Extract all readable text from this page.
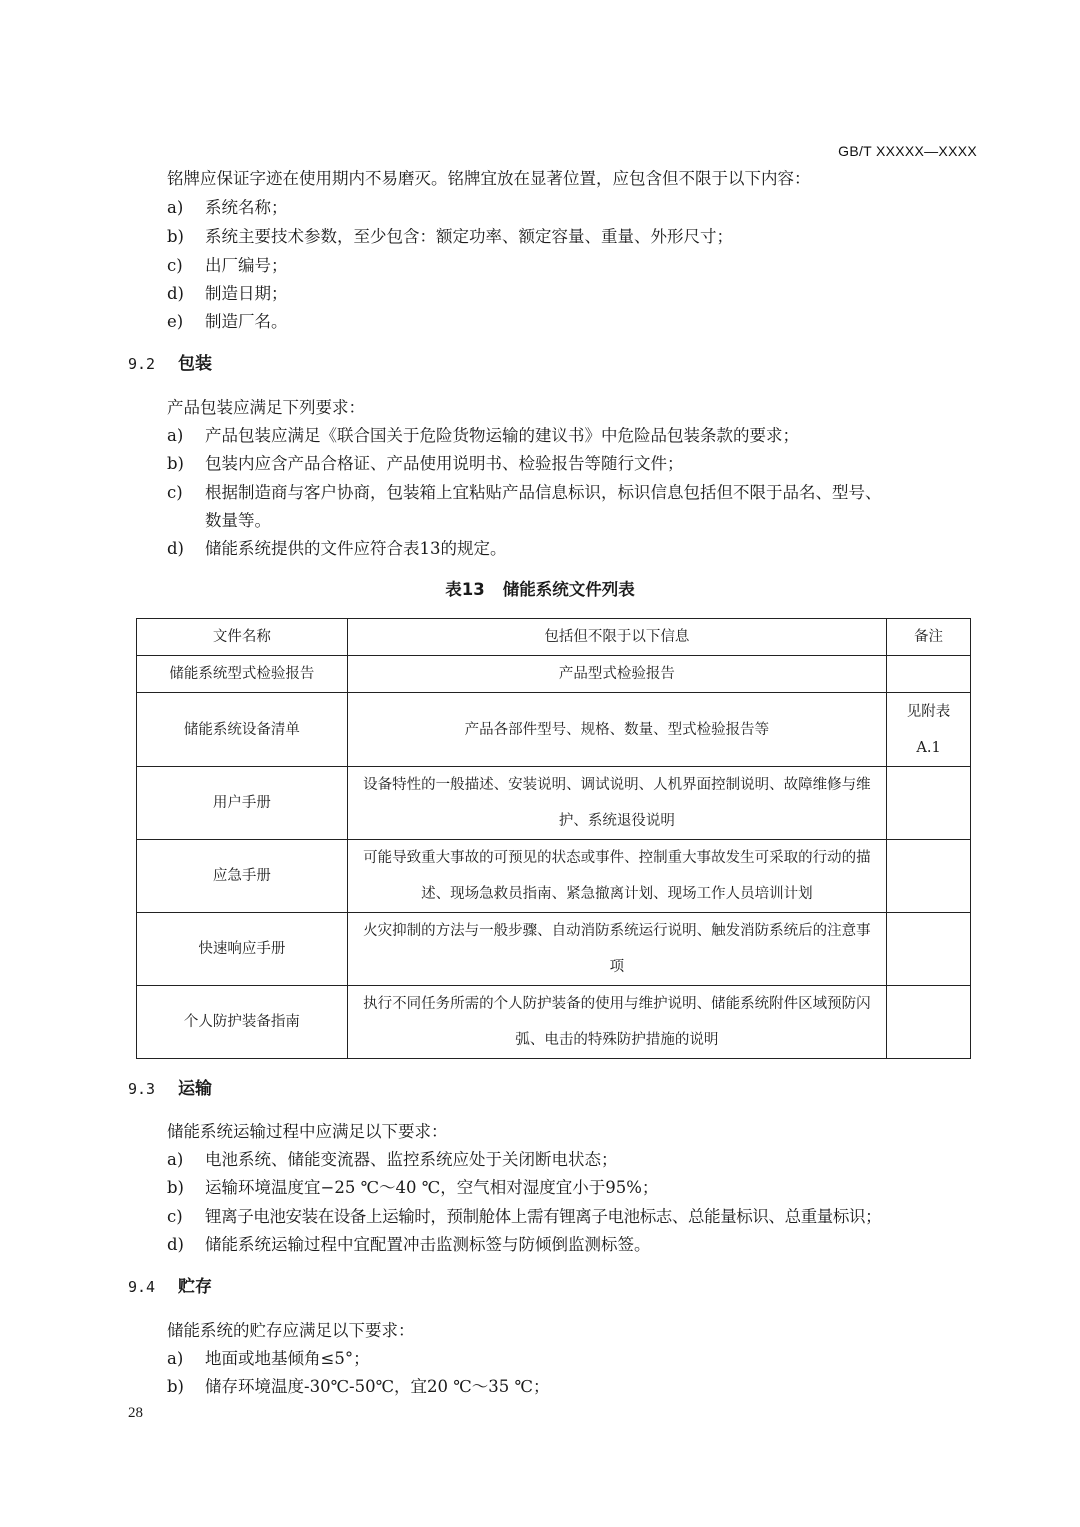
GB/T XXXXX—XXXX
铭牌应保证字迹在使用期内不易磨灭。铭牌宜放在显著位置，应包含但不限于以下内容：
a) 系统名称；
b) 系统主要技术参数，至少包含：额定功率、额定容量、重量、外形尺寸；
c) 出厂编号；
d) 制造日期；
e) 制造厂名。
9.2 包装
产品包装应满足下列要求：
a) 产品包装应满足《联合国关于危险货物运输的建议书》中危险品包装条款的要求；
b) 包装内应含产品合格证、产品使用说明书、检验报告等随行文件；
c) 根据制造商与客户协商，包装箱上宜粘贴产品信息标识，标识信息包括但不限于品名、型号、
数量等。
d) 储能系统提供的文件应符合表13的规定。
表13 储能系统文件列表
文件名称	包括但不限于以下信息	备注
储能系统型式检验报告	产品型式检验报告	
储能系统设备清单	产品各部件型号、规格、数量、型式检验报告等	见附表A.1
用户手册	设备特性的一般描述、安装说明、调试说明、人机界面控制说明、故障维修与维护、系统退役说明	
应急手册	可能导致重大事故的可预见的状态或事件、控制重大事故发生可采取的行动的描述、现场急救员指南、紧急撤离计划、现场工作人员培训计划	
快速响应手册	火灾抑制的方法与一般步骤、自动消防系统运行说明、触发消防系统后的注意事项	
个人防护装备指南	执行不同任务所需的个人防护装备的使用与维护说明、储能系统附件区域预防闪弧、电击的特殊防护措施的说明	
9.3 运输
储能系统运输过程中应满足以下要求：
a) 电池系统、储能变流器、监控系统应处于关闭断电状态；
b) 运输环境温度宜−25 ℃～40 ℃，空气相对湿度宜小于95%；
c) 锂离子电池安装在设备上运输时，预制舱体上需有锂离子电池标志、总能量标识、总重量标识；
d) 储能系统运输过程中宜配置冲击监测标签与防倾倒监测标签。
9.4 贮存
储能系统的贮存应满足以下要求：
a) 地面或地基倾角≤5°；
b) 储存环境温度-30℃-50℃，宜20 ℃～35 ℃；
28
